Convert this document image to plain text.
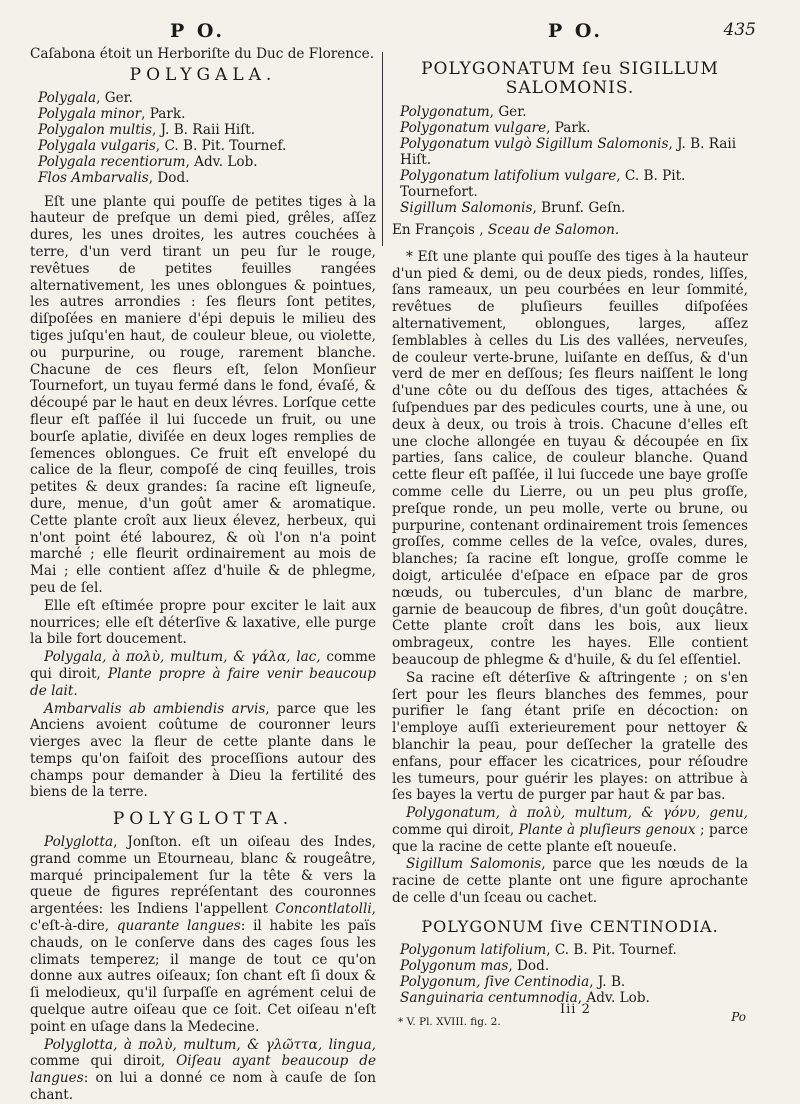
P O.	P O.	435

Caſabona étoit un Herboriſte du Duc de Florence.

POLYGALA.
Polygala, Ger.
Polygala minor, Park.
Polygalon multis, J. B. Raii Hiſt.
Polygala vulgaris, C. B. Pit. Tournef.
Polygala recentiorum, Adv. Lob.
Flos Ambarvalis, Dod.

Eſt une plante qui pouſſe de petites tiges à la hauteur de preſque un demi pied, grêles, aſſez dures, les unes droites, les autres couchées à terre, d'un verd tirant un peu ſur le rouge, revêtues de petites feuilles rangées alternativement, les unes oblongues & pointues, les autres arrondies : ſes fleurs ſont petites, diſpoſées en maniere d'épi depuis le milieu des tiges juſqu'en haut, de couleur bleue, ou violette, ou purpurine, ou rouge, rarement blanche. Chacune de ces fleurs eſt, ſelon Monſieur Tournefort, un tuyau fermé dans le fond, évaſé, & découpé par le haut en deux lévres. Lorſque cette fleur eſt paſſée il lui ſuccede un fruit, ou une bourſe aplatie, diviſée en deux loges remplies de ſemences oblongues. Ce fruit eſt envelopé du calice de la fleur, compoſé de cinq feuilles, trois petites & deux grandes: ſa racine eſt ligneuſe, dure, menue, d'un goût amer & aromatique. Cette plante croît aux lieux élevez, herbeux, qui n'ont point été labourez, & où l'on n'a point marché ; elle fleurit ordinairement au mois de Mai ; elle contient aſſez d'huile & de phlegme, peu de ſel.

Elle eſt eſtimée propre pour exciter le lait aux nourrices; elle eſt déterſive & laxative, elle purge la bile fort doucement.

Polygala, à πολὺ, multum, & γάλα, lac, comme qui diroit, Plante propre à faire venir beaucoup de lait.

Ambarvalis ab ambiendis arvis, parce que les Anciens avoient coûtume de couronner leurs vierges avec la fleur de cette plante dans le temps qu'on faiſoit des proceſſions autour des champs pour demander à Dieu la fertilité des biens de la terre.

POLYGLOTTA.

Polyglotta, Jonſton. eſt un oiſeau des Indes, grand comme un Etourneau, blanc & rougeâtre, marqué principalement ſur la tête & vers la queue de figures repréſentant des couronnes argentées: les Indiens l'appellent Concontlatolli, c'eſt-à-dire, quarante langues: il habite les païs chauds, on le conſerve dans des cages ſous les climats temperez; il mange de tout ce qu'on donne aux autres oiſeaux; ſon chant eſt ſi doux & ſi melodieux, qu'il ſurpaſſe en agrément celui de quelque autre oiſeau que ce ſoit. Cet oiſeau n'eſt point en uſage dans la Medecine.

Polyglotta, à πολὺ, multum, & γλῶττα, lingua, comme qui diroit, Oiſeau ayant beaucoup de langues: on lui a donné ce nom à cauſe de ſon chant.

POLYGONATUM ſeu SIGILLUM SALOMONIS.
Polygonatum, Ger.
Polygonatum vulgare, Park.
Polygonatum vulgò Sigillum Salomonis, J. B. Raii Hiſt.
Polygonatum latifolium vulgare, C. B. Pit. Tournefort.
Sigillum Salomonis, Brunf. Geſn.

En François , Sceau de Salomon.

* Eſt une plante qui pouſſe des tiges à la hauteur d'un pied & demi, ou de deux pieds, rondes, liſſes, ſans rameaux, un peu courbées en leur ſommité, revêtues de pluſieurs feuilles diſpoſées alternativement, oblongues, larges, aſſez ſemblables à celles du Lis des vallées, nerveuſes, de couleur verte-brune, luiſante en deſſus, & d'un verd de mer en deſſous; ſes fleurs naiſſent le long d'une côte ou du deſſous des tiges, attachées & ſuſpendues par des pedicules courts, une à une, ou deux à deux, ou trois à trois. Chacune d'elles eſt une cloche allongée en tuyau & découpée en ſix parties, ſans calice, de couleur blanche. Quand cette fleur eſt paſſée, il lui ſuccede une baye groſſe comme celle du Lierre, ou un peu plus groſſe, preſque ronde, un peu molle, verte ou brune, ou purpurine, contenant ordinairement trois ſemences groſſes, comme celles de la veſce, ovales, dures, blanches; ſa racine eſt longue, groſſe comme le doigt, articulée d'eſpace en eſpace par de gros nœuds, ou tubercules, d'un blanc de marbre, garnie de beaucoup de fibres, d'un goût douçâtre. Cette plante croît dans les bois, aux lieux ombrageux, contre les hayes. Elle contient beaucoup de phlegme & d'huile, & du ſel eſſentiel.

Sa racine eſt déterſive & aſtringente ; on s'en ſert pour les fleurs blanches des femmes, pour purifier le ſang étant priſe en décoction: on l'employe auſſi exterieurement pour nettoyer & blanchir la peau, pour deſſecher la gratelle des enfans, pour effacer les cicatrices, pour réſoudre les tumeurs, pour guérir les playes: on attribue à ſes bayes la vertu de purger par haut & par bas.

Polygonatum, à πολὺ, multum, & γόνυ, genu, comme qui diroit, Plante à pluſieurs genoux ; parce que la racine de cette plante eſt noueuſe.

Sigillum Salomonis, parce que les nœuds de la racine de cette plante ont une figure aprochante de celle d'un ſceau ou cachet.

POLYGONUM ſive CENTINODIA.
Polygonum latifolium, C. B. Pit. Tournef.
Polygonum mas, Dod.
Polygonum, ſive Centinodia, J. B.
Sanguinaria centumnodia, Adv. Lob.
Iii 2
* V. Pl. XVIII. fig. 2.	Po
